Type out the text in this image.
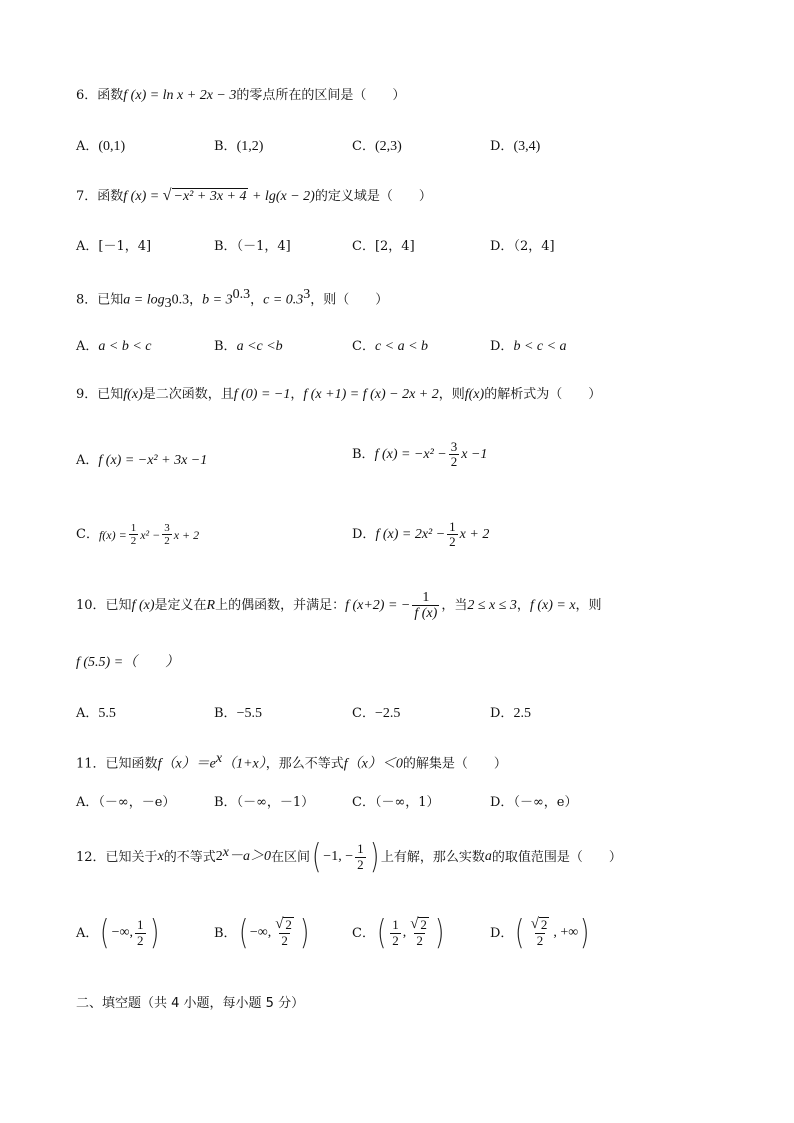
6．函数f (x) = ln x + 2x − 3的零点所在的区间是（　　）
A．(0,1)	B．(1,2)	C．(2,3)	D．(3,4)
7．函数f (x) = √ −x² + 3x + 4 + lg(x − 2)的定义域是（　　）
A．[－1，4]	B．（－1，4]	C．[2，4]	D．（2，4]
8．已知$a = \log_30.3$，$b = 3^{0.3}$，$c = 0.3^3$，则（　　）
A．a < b < c	B．a <c <b	C．c < a < b	D．b < c < a
9．已知f(x)是二次函数，且f (0) = −1，f (x +1) = f (x) − 2x + 2，则f(x)的解析式为（　　）
A．f (x) = −x² + 3x −1	B． f $(x) = -x^2 - \frac{3}{2}$ x −1
C． $f(x) = \frac{1}{2} x^2 - \frac{3}{2}$ x + 2	D． f $(x) = 2x^2 - \frac{1}{2}$ x + 2
10． 已知 f (x) 是定义在 R 上的偶函数，并满足： f (x+2) = − $\frac{1}{f (x)}$ ，当 2 ≤ x ≤ 3 ， f (x) = x ，则
f (5.5) =（　　）
A．5.5	B．−5.5	C．−2.5	D．2.5
11．已知函数$f(x)=e^x(1+x)$，那么不等式f（x）＜0的解集是（　　）
A．（－∞，－e）	B．（－∞，－1）	C．（－∞，1）	D．（－∞，e）
12． 已知关于 x 的不等式 2 x －a＞0 在区间 ( −1, − $\frac{1}{2}$ ) 上有解，那么实数 a 的取值范围是（　　）
A． ( −∞, $\frac{1}{2}$ )	B． ( −∞, $\frac{√ 2}{2}$ )	C． ( $\frac{1}{2}$ , $\frac{√ 2}{2}$ )	D． ( $\frac{√ 2}{2}$ , +∞ )
二、填空题（共 4 小题，每小题 5 分）
